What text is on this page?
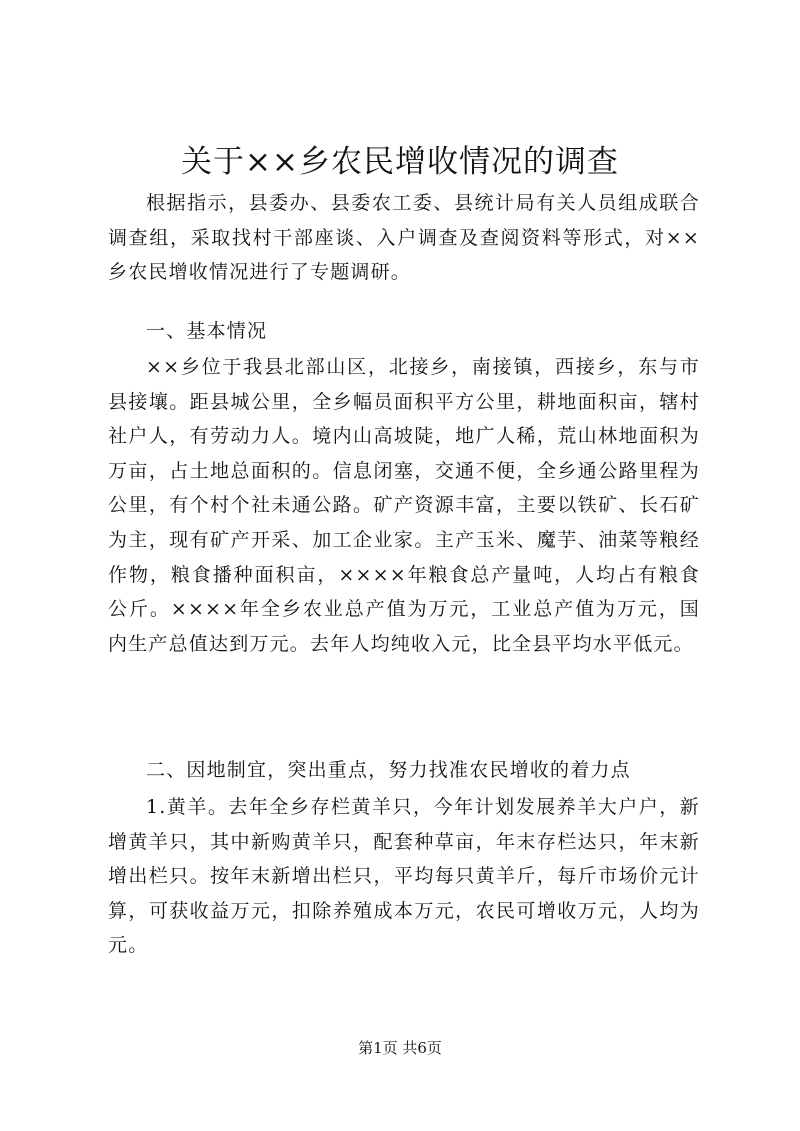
关于××乡农民增收情况的调查

根据指示，县委办、县委农工委、县统计局有关人员组成联合调查组，采取找村干部座谈、入户调查及查阅资料等形式，对××乡农民增收情况进行了专题调研。

一、基本情况

××乡位于我县北部山区，北接乡，南接镇，西接乡，东与市县接壤。距县城公里，全乡幅员面积平方公里，耕地面积亩，辖村社户人，有劳动力人。境内山高坡陡，地广人稀，荒山林地面积为万亩，占土地总面积的。信息闭塞，交通不便，全乡通公路里程为公里，有个村个社未通公路。矿产资源丰富，主要以铁矿、长石矿为主，现有矿产开采、加工企业家。主产玉米、魔芋、油菜等粮经作物，粮食播种面积亩，××××年粮食总产量吨，人均占有粮食公斤。××××年全乡农业总产值为万元，工业总产值为万元，国内生产总值达到万元。去年人均纯收入元，比全县平均水平低元。

二、因地制宜，突出重点，努力找准农民增收的着力点

1.黄羊。去年全乡存栏黄羊只，今年计划发展养羊大户户，新增黄羊只，其中新购黄羊只，配套种草亩，年末存栏达只，年末新增出栏只。按年末新增出栏只，平均每只黄羊斤，每斤市场价元计算，可获收益万元，扣除养殖成本万元，农民可增收万元，人均为元。

第1页 共6页
